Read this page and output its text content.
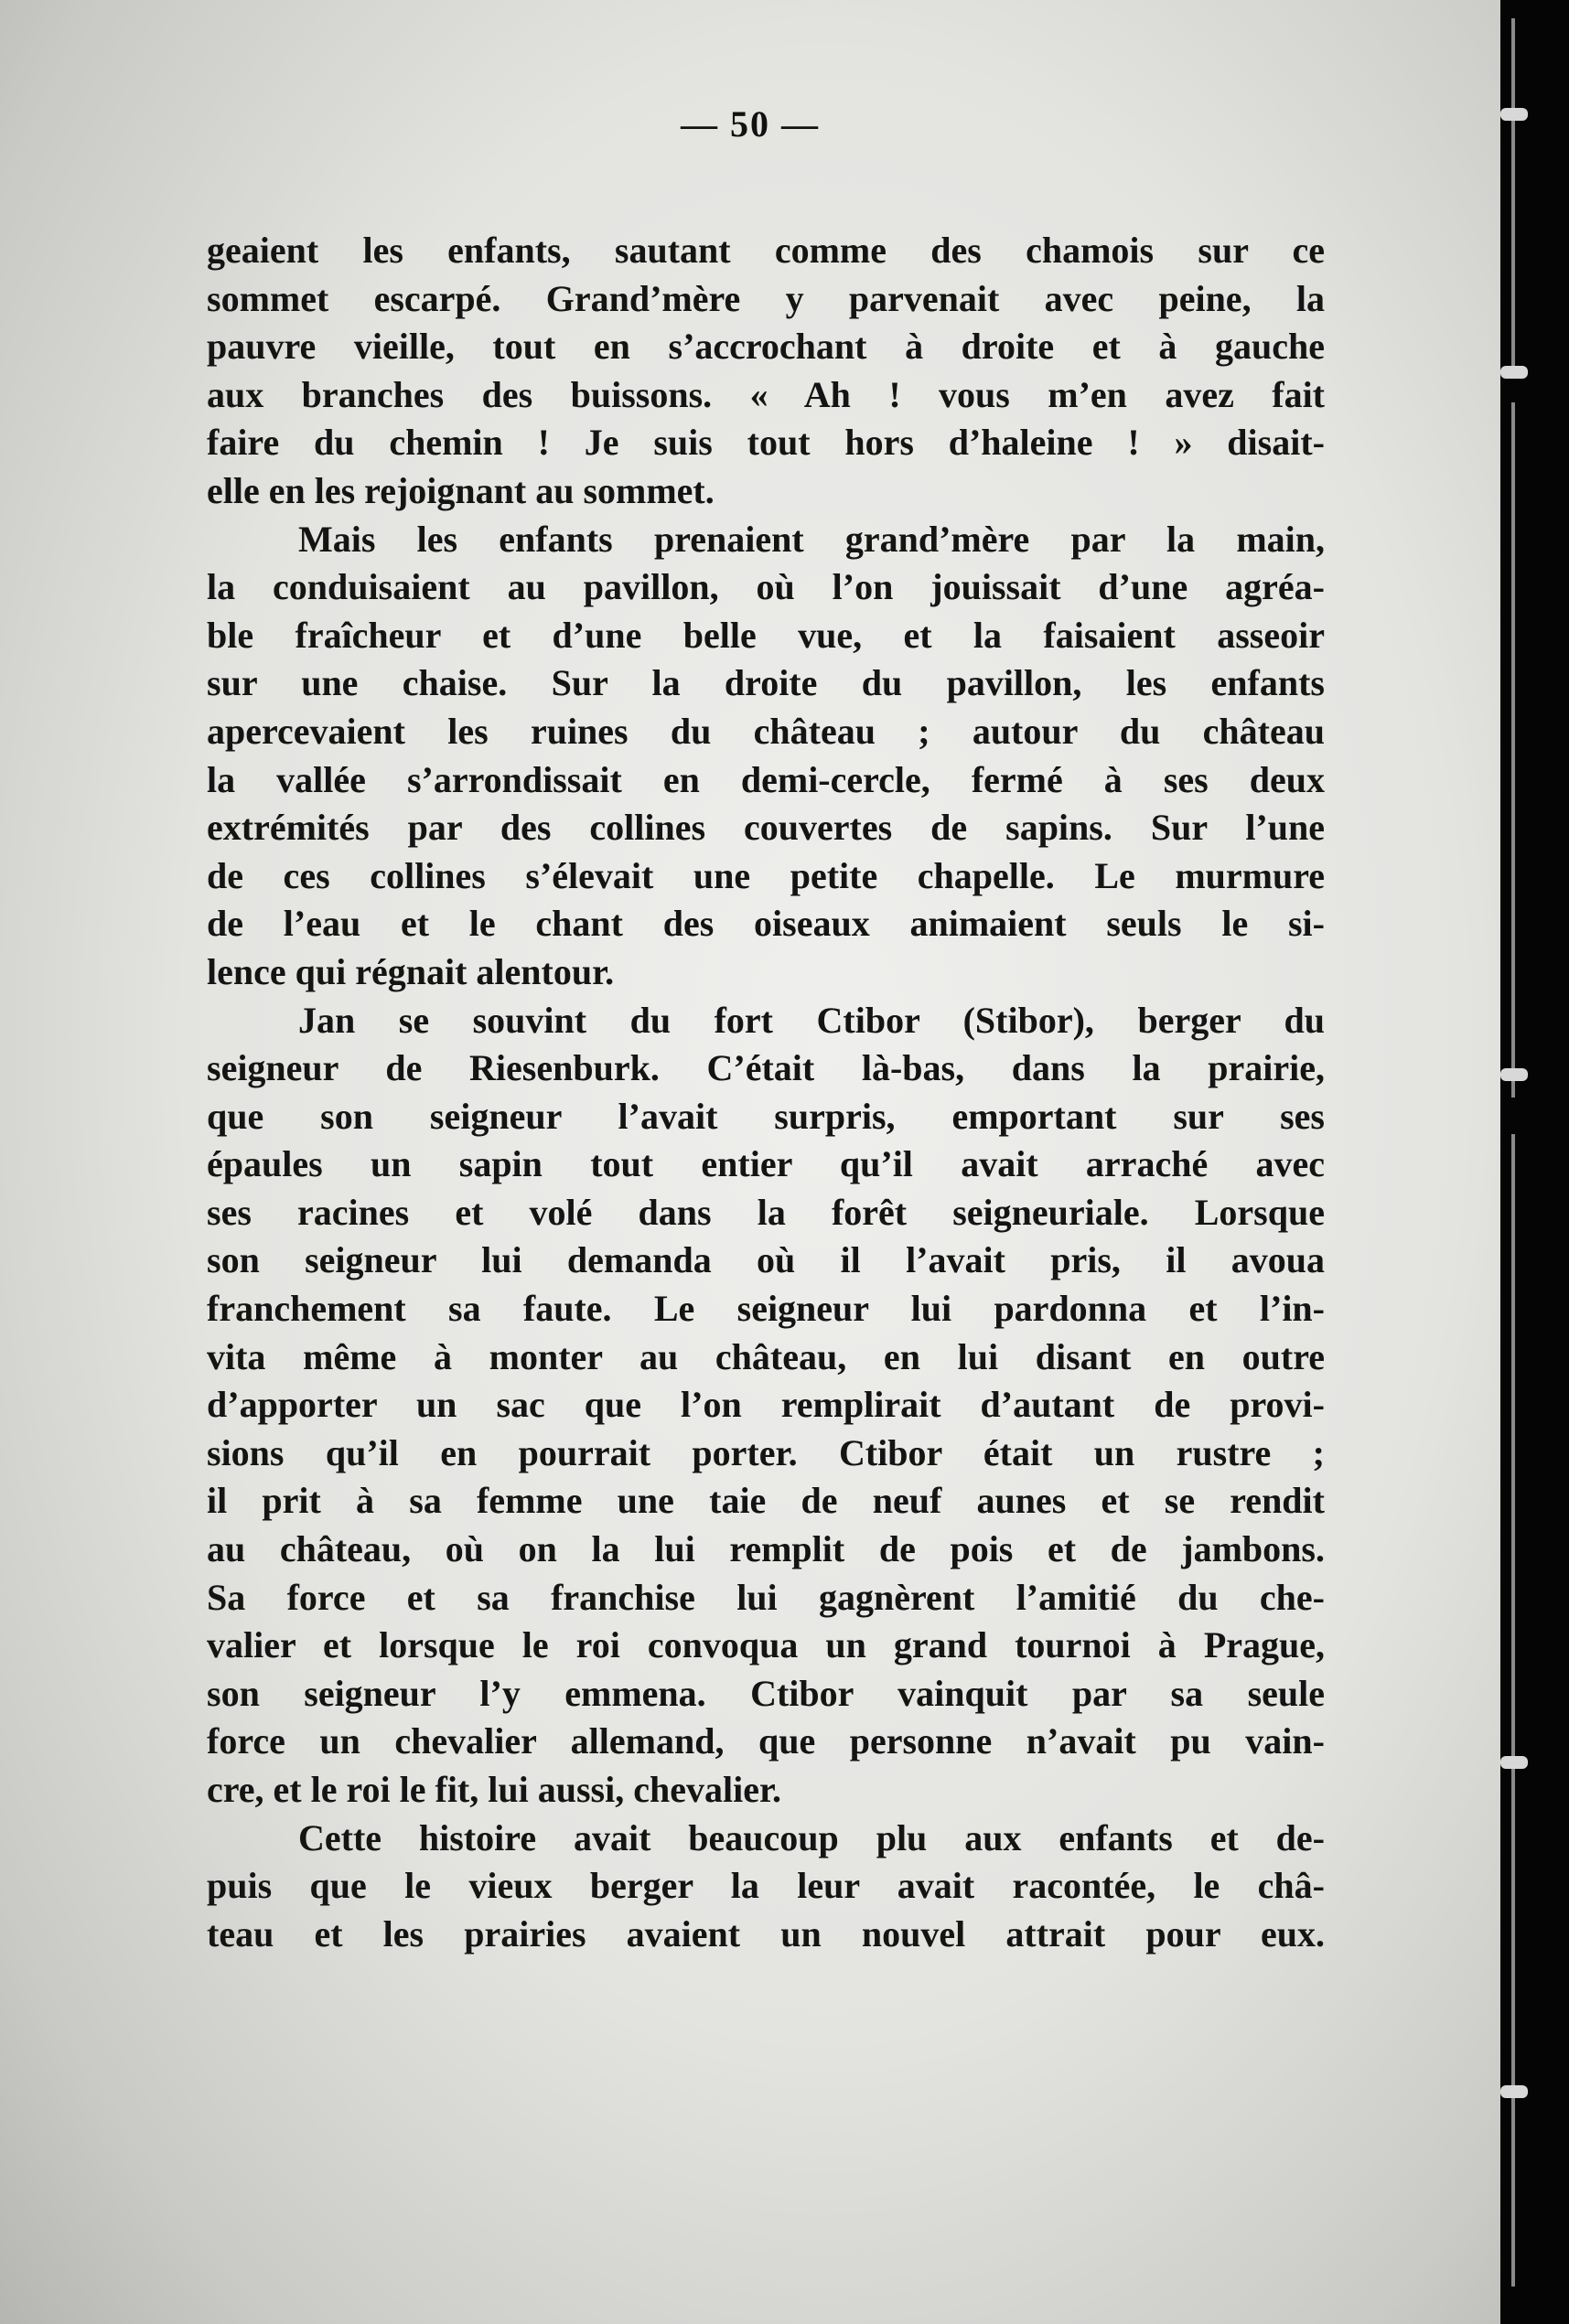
— 50 —

geaient les enfants, sautant comme des chamois sur ce
sommet escarpé. Grand’mère y parvenait avec peine, la
pauvre vieille, tout en s’accrochant à droite et à gauche
aux branches des buissons. « Ah ! vous m’en avez fait
faire du chemin ! Je suis tout hors d’haleine ! » disait-
elle en les rejoignant au sommet.

Mais les enfants prenaient grand’mère par la main,
la conduisaient au pavillon, où l’on jouissait d’une agréa-
ble fraîcheur et d’une belle vue, et la faisaient asseoir
sur une chaise. Sur la droite du pavillon, les enfants
apercevaient les ruines du château ; autour du château
la vallée s’arrondissait en demi-cercle, fermé à ses deux
extrémités par des collines couvertes de sapins. Sur l’une
de ces collines s’élevait une petite chapelle. Le murmure
de l’eau et le chant des oiseaux animaient seuls le si-
lence qui régnait alentour.

Jan se souvint du fort Ctibor (Stibor), berger du
seigneur de Riesenburk. C’était là-bas, dans la prairie,
que son seigneur l’avait surpris, emportant sur ses
épaules un sapin tout entier qu’il avait arraché avec
ses racines et volé dans la forêt seigneuriale. Lorsque
son seigneur lui demanda où il l’avait pris, il avoua
franchement sa faute. Le seigneur lui pardonna et l’in-
vita même à monter au château, en lui disant en outre
d’apporter un sac que l’on remplirait d’autant de provi-
sions qu’il en pourrait porter. Ctibor était un rustre ;
il prit à sa femme une taie de neuf aunes et se rendit
au château, où on la lui remplit de pois et de jambons.
Sa force et sa franchise lui gagnèrent l’amitié du che-
valier et lorsque le roi convoqua un grand tournoi à Prague,
son seigneur l’y emmena. Ctibor vainquit par sa seule
force un chevalier allemand, que personne n’avait pu vain-
cre, et le roi le fit, lui aussi, chevalier.

Cette histoire avait beaucoup plu aux enfants et de-
puis que le vieux berger la leur avait racontée, le châ-
teau et les prairies avaient un nouvel attrait pour eux.
